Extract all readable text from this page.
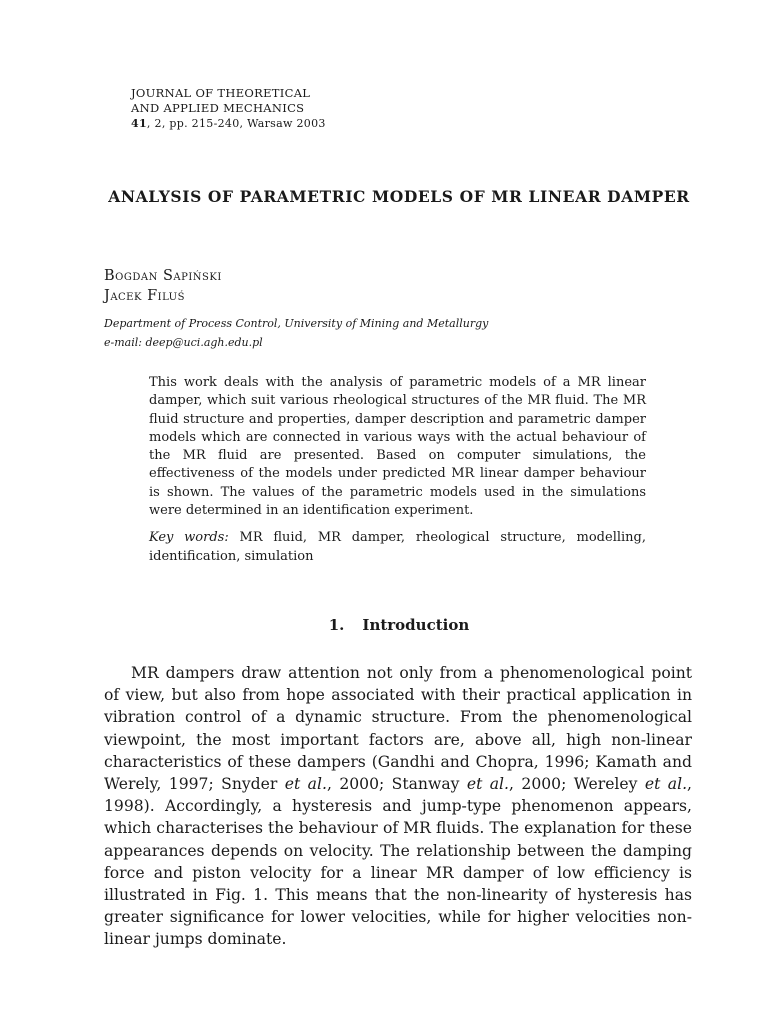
JOURNAL OF THEORETICAL
AND APPLIED MECHANICS
41, 2, pp. 215-240, Warsaw 2003
ANALYSIS OF PARAMETRIC MODELS OF MR LINEAR DAMPER
Bogdan Sapiński
Jacek Filuś
Department of Process Control, University of Mining and Metallurgy
e-mail: deep@uci.agh.edu.pl

This work deals with the analysis of parametric models of a MR linear damper, which suit various rheological structures of the MR fluid. The MR fluid structure and properties, damper description and parametric damper models which are connected in various ways with the actual behaviour of the MR fluid are presented. Based on computer simulations, the effectiveness of the models under predicted MR linear damper behaviour is shown. The values of the parametric models used in the simulations were determined in an identification experiment.

Key words: MR fluid, MR damper, rheological structure, modelling, identification, simulation

1. Introduction

MR dampers draw attention not only from a phenomenological point of view, but also from hope associated with their practical application in vibration control of a dynamic structure. From the phenomenological viewpoint, the most important factors are, above all, high non-linear characteristics of these dampers (Gandhi and Chopra, 1996; Kamath and Werely, 1997; Snyder et al., 2000; Stanway et al., 2000; Wereley et al., 1998). Accordingly, a hysteresis and jump-type phenomenon appears, which characterises the behaviour of MR fluids. The explanation for these appearances depends on velocity. The relationship between the damping force and piston velocity for a linear MR damper of low efficiency is illustrated in Fig. 1. This means that the non-linearity of hysteresis has greater significance for lower velocities, while for higher velocities non-linear jumps dominate.
